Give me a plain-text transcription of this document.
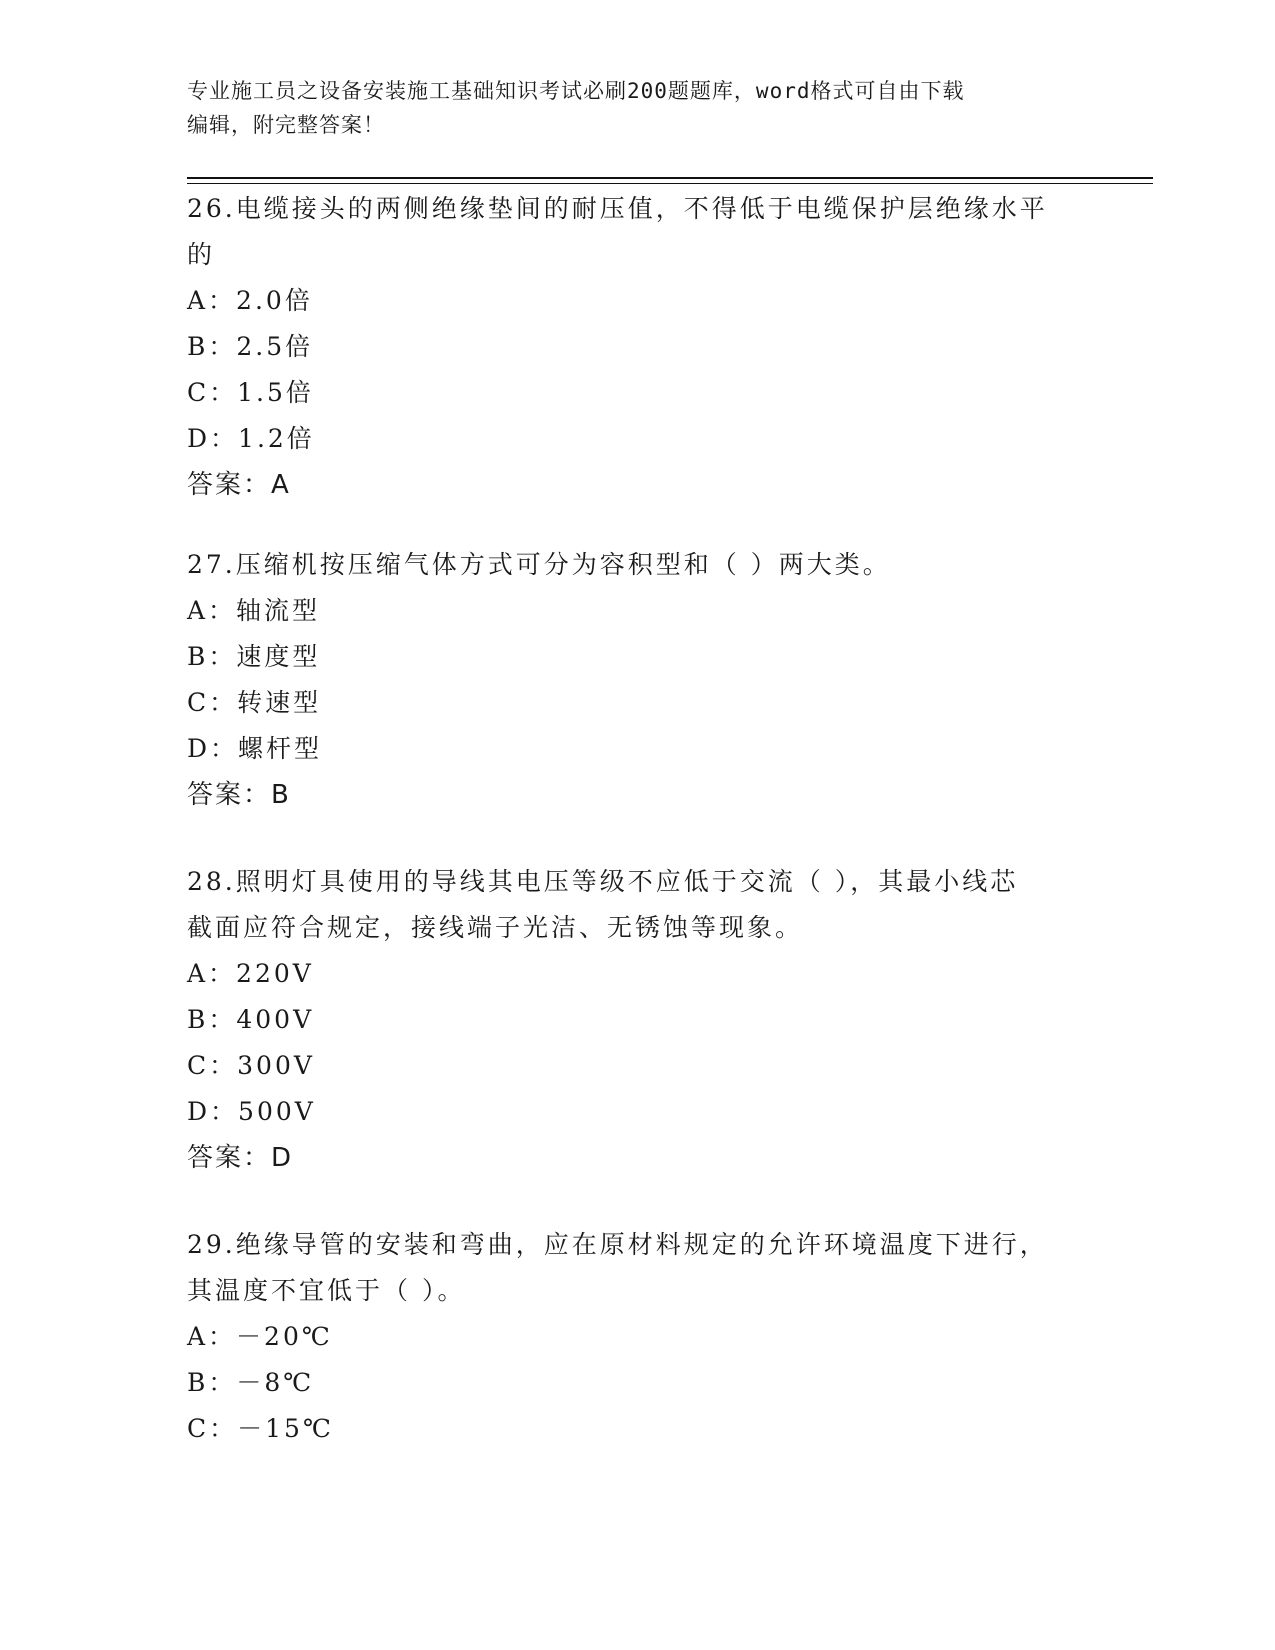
专业施工员之设备安装施工基础知识考试必刷200题题库，word格式可自由下载
编辑，附完整答案！
26.电缆接头的两侧绝缘垫间的耐压值，不得低于电缆保护层绝缘水平
的
A：2.0倍
B：2.5倍
C：1.5倍
D：1.2倍
答案：A
27.压缩机按压缩气体方式可分为容积型和（ ）两大类。
A：轴流型
B：速度型
C：转速型
D：螺杆型
答案：B
28.照明灯具使用的导线其电压等级不应低于交流（ ），其最小线芯
截面应符合规定，接线端子光洁、无锈蚀等现象。
A：220V
B：400V
C：300V
D：500V
答案：D
29.绝缘导管的安装和弯曲，应在原材料规定的允许环境温度下进行，
其温度不宜低于（ ）。
A：－20℃
B：－8℃
C：－15℃
